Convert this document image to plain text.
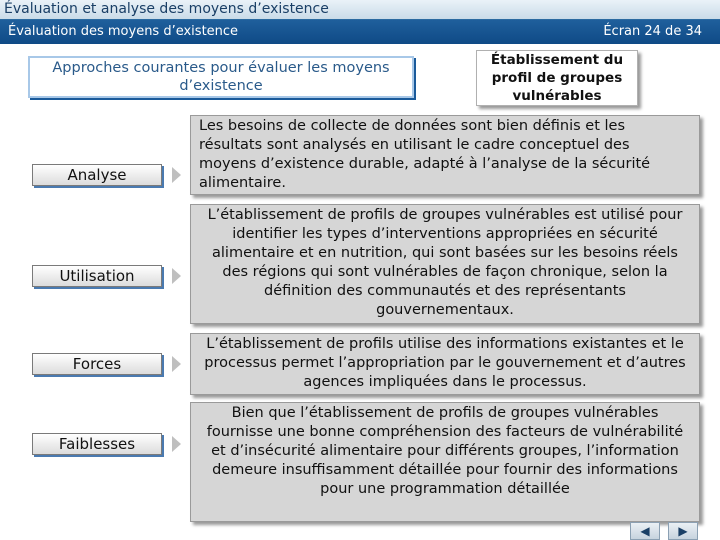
Évaluation et analyse des moyens d’existence
Évaluation des moyens d’existence	Écran 24 de 34
Approches courantes pour évaluer les moyens d’existence
Établissement du profil de groupes vulnérables
Analyse
Les besoins de collecte de données sont bien définis et les résultats sont analysés en utilisant le cadre conceptuel des moyens d’existence durable, adapté à l’analyse de la sécurité alimentaire.
Utilisation
L’établissement de profils de groupes vulnérables est utilisé pour identifier les types d’interventions appropriées en sécurité alimentaire et en nutrition, qui sont basées sur les besoins réels des régions qui sont vulnérables de façon chronique, selon la définition des communautés et des représentants gouvernementaux.
Forces
L’établissement de profils utilise des informations existantes et le processus permet l’appropriation par le gouvernement et d’autres agences impliquées dans le processus.
Faiblesses
Bien que l’établissement de profils de groupes vulnérables fournisse une bonne compréhension des facteurs de vulnérabilité et d’insécurité alimentaire pour différents groupes, l’information demeure insuffisamment détaillée pour fournir des informations pour une programmation détaillée
◀ ▶
